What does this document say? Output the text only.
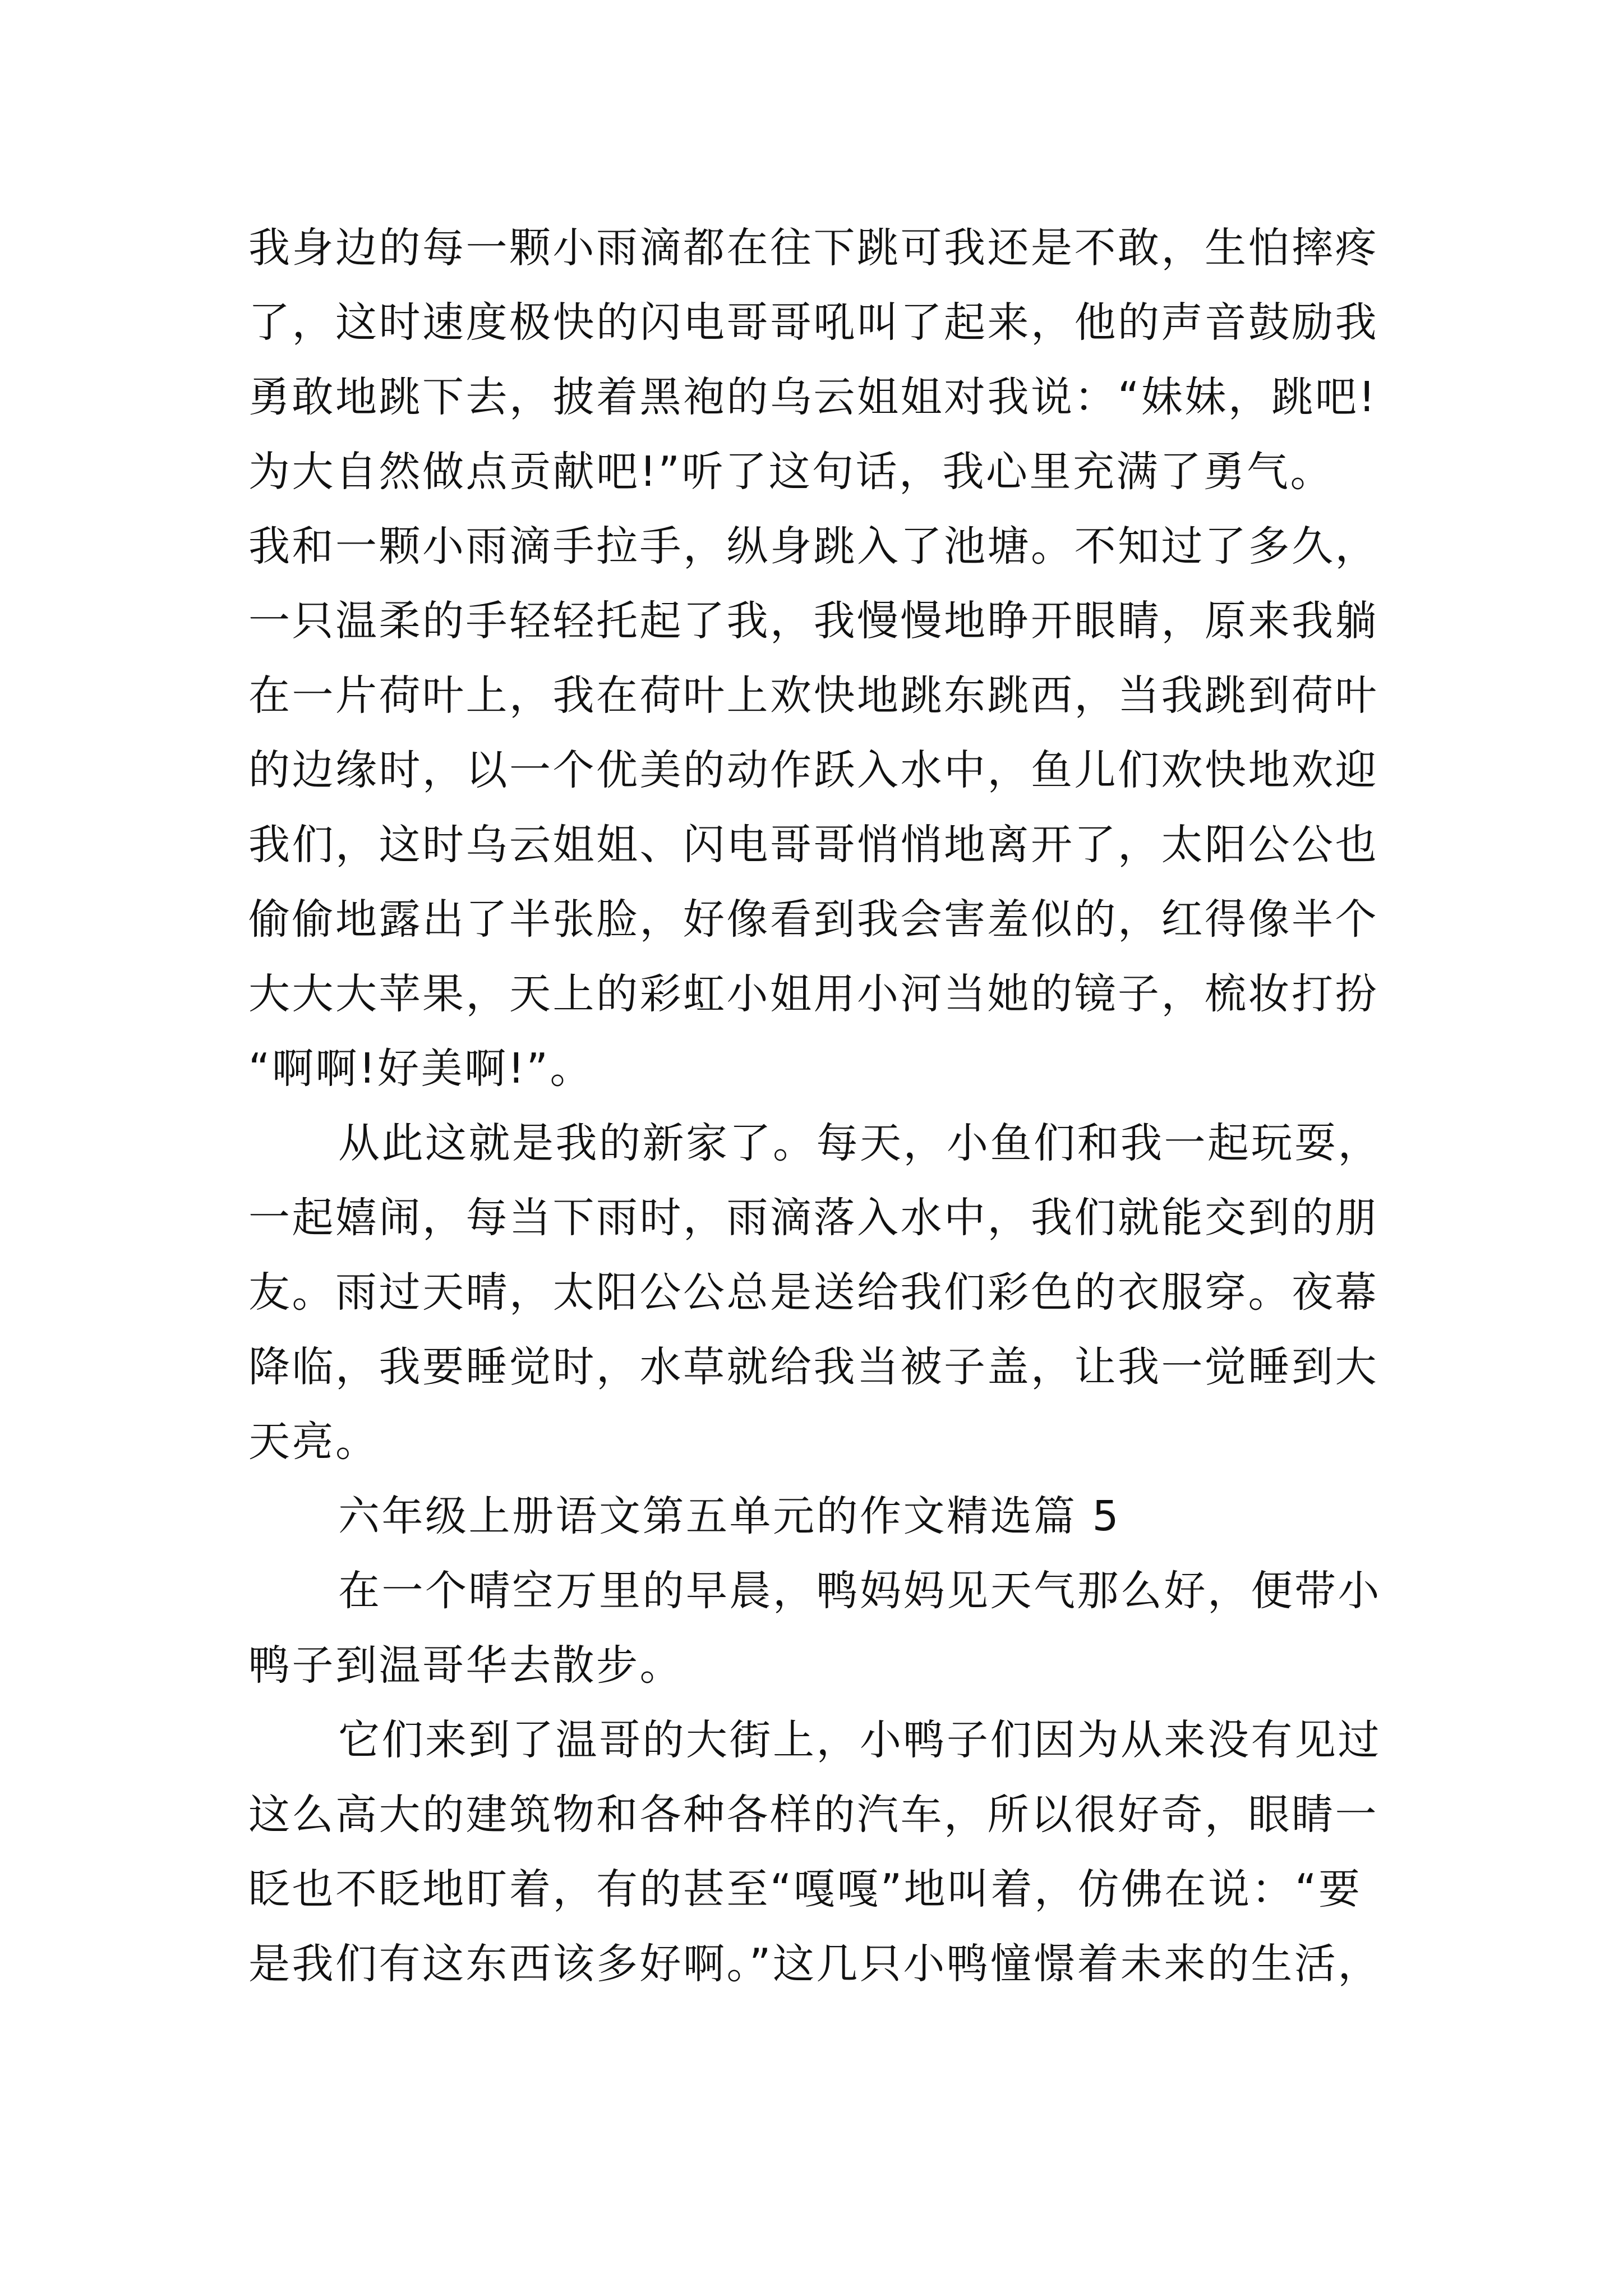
我身边的每一颗小雨滴都在往下跳可我还是不敢，生怕摔疼
了，这时速度极快的闪电哥哥吼叫了起来，他的声音鼓励我
勇敢地跳下去，披着黑袍的乌云姐姐对我说：“妹妹，跳吧!
为大自然做点贡献吧!”听了这句话，我心里充满了勇气。
我和一颗小雨滴手拉手，纵身跳入了池塘。不知过了多久，
一只温柔的手轻轻托起了我，我慢慢地睁开眼睛，原来我躺
在一片荷叶上，我在荷叶上欢快地跳东跳西，当我跳到荷叶
的边缘时，以一个优美的动作跃入水中，鱼儿们欢快地欢迎
我们，这时乌云姐姐、闪电哥哥悄悄地离开了，太阳公公也
偷偷地露出了半张脸，好像看到我会害羞似的，红得像半个
大大大苹果，天上的彩虹小姐用小河当她的镜子，梳妆打扮
“啊啊!好美啊!”。
从此这就是我的新家了。每天，小鱼们和我一起玩耍，
一起嬉闹，每当下雨时，雨滴落入水中，我们就能交到的朋
友。雨过天晴，太阳公公总是送给我们彩色的衣服穿。夜幕
降临，我要睡觉时，水草就给我当被子盖，让我一觉睡到大
天亮。
六年级上册语文第五单元的作文精选篇 5
在一个晴空万里的早晨，鸭妈妈见天气那么好，便带小
鸭子到温哥华去散步。
它们来到了温哥的大街上，小鸭子们因为从来没有见过
这么高大的建筑物和各种各样的汽车，所以很好奇，眼睛一
眨也不眨地盯着，有的甚至“嘎嘎”地叫着，仿佛在说：“要
是我们有这东西该多好啊。”这几只小鸭憧憬着未来的生活，
